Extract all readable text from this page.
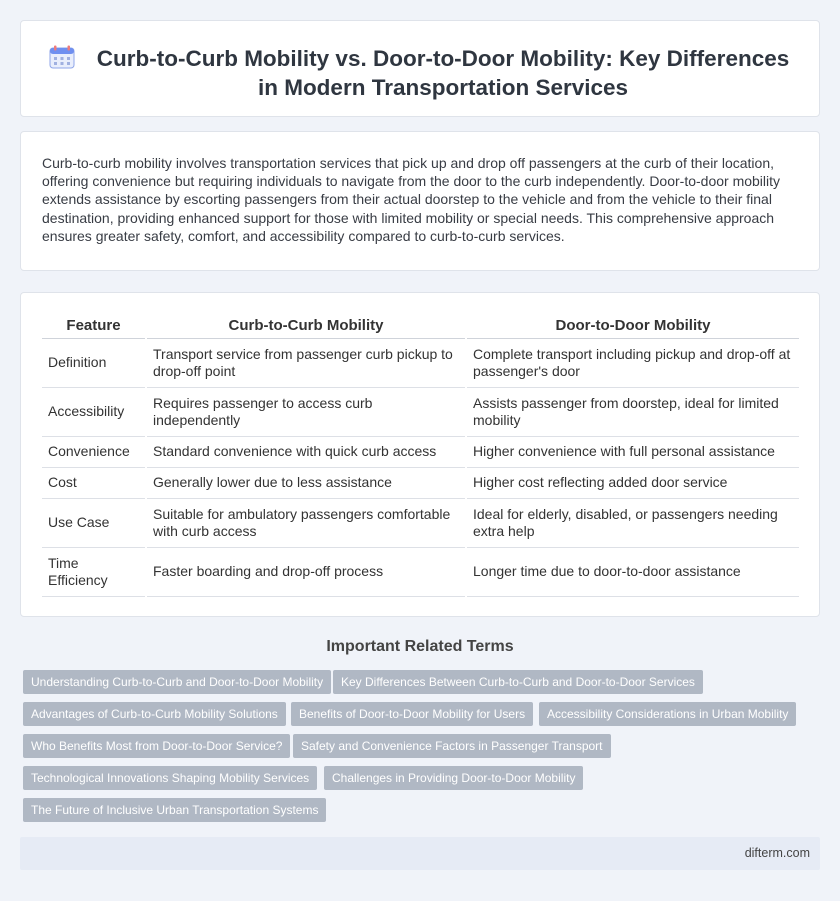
Curb-to-Curb Mobility vs. Door-to-Door Mobility: Key Differences in Modern Transportation Services

Curb-to-curb mobility involves transportation services that pick up and drop off passengers at the curb of their location, offering convenience but requiring individuals to navigate from the door to the curb independently. Door-to-door mobility extends assistance by escorting passengers from their actual doorstep to the vehicle and from the vehicle to their final destination, providing enhanced support for those with limited mobility or special needs. This comprehensive approach ensures greater safety, comfort, and accessibility compared to curb-to-curb services.

Feature	Curb-to-Curb Mobility	Door-to-Door Mobility
Definition	Transport service from passenger curb pickup to drop-off point	Complete transport including pickup and drop-off at passenger's door
Accessibility	Requires passenger to access curb independently	Assists passenger from doorstep, ideal for limited mobility
Convenience	Standard convenience with quick curb access	Higher convenience with full personal assistance
Cost	Generally lower due to less assistance	Higher cost reflecting added door service
Use Case	Suitable for ambulatory passengers comfortable with curb access	Ideal for elderly, disabled, or passengers needing extra help
Time Efficiency	Faster boarding and drop-off process	Longer time due to door-to-door assistance
Important Related Terms
Understanding Curb-to-Curb and Door-to-Door Mobility	Key Differences Between Curb-to-Curb and Door-to-Door Services
Advantages of Curb-to-Curb Mobility Solutions	Benefits of Door-to-Door Mobility for Users	Accessibility Considerations in Urban Mobility
Who Benefits Most from Door-to-Door Service?	Safety and Convenience Factors in Passenger Transport
Technological Innovations Shaping Mobility Services	Challenges in Providing Door-to-Door Mobility
The Future of Inclusive Urban Transportation Systems
difterm.com
